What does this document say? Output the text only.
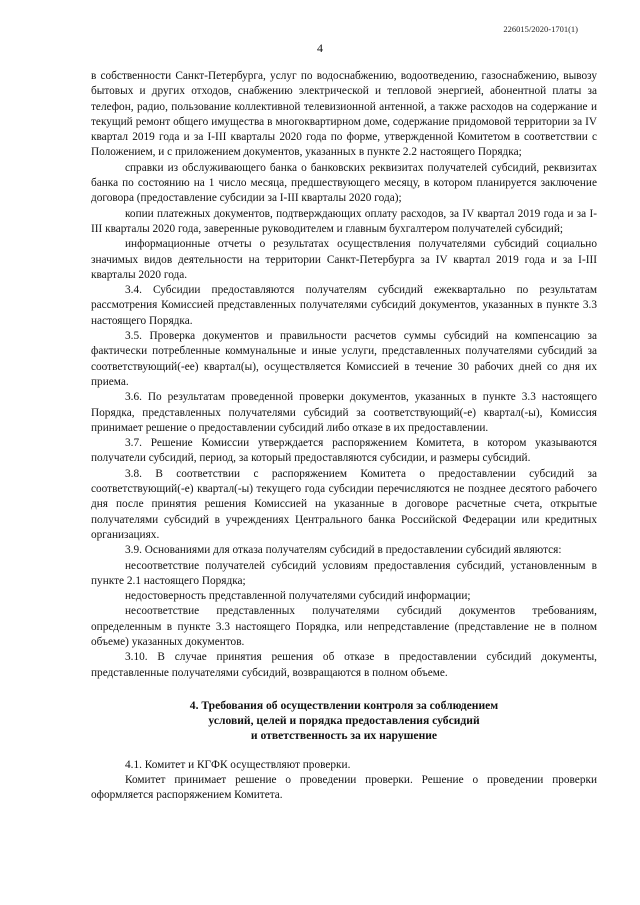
226015/2020-1701(1)
4

в собственности Санкт-Петербурга, услуг по водоснабжению, водоотведению, газоснабжению, вывозу бытовых и других отходов, снабжению электрической и тепловой энергией, абонентной платы за телефон, радио, пользование коллективной телевизионной антенной, а также расходов на содержание и текущий ремонт общего имущества в многоквартирном доме, содержание придомовой территории за IV квартал 2019 года и за I-III кварталы 2020 года по форме, утвержденной Комитетом в соответствии с Положением, и с приложением документов, указанных в пункте 2.2 настоящего Порядка;

справки из обслуживающего банка о банковских реквизитах получателей субсидий, реквизитах банка по состоянию на 1 число месяца, предшествующего месяцу, в котором планируется заключение договора (предоставление субсидии за I-III кварталы 2020 года);

копии платежных документов, подтверждающих оплату расходов, за IV квартал 2019 года и за I-III кварталы 2020 года, заверенные руководителем и главным бухгалтером получателей субсидий;

информационные отчеты о результатах осуществления получателями субсидий социально значимых видов деятельности на территории Санкт-Петербурга за IV квартал 2019 года и за I-III кварталы 2020 года.

3.4. Субсидии предоставляются получателям субсидий ежеквартально по результатам рассмотрения Комиссией представленных получателями субсидий документов, указанных в пункте 3.3 настоящего Порядка.

3.5. Проверка документов и правильности расчетов суммы субсидий на компенсацию за фактически потребленные коммунальные и иные услуги, представленных получателями субсидий за соответствующий(-ее) квартал(ы), осуществляется Комиссией в течение 30 рабочих дней со дня их приема.

3.6. По результатам проведенной проверки документов, указанных в пункте 3.3 настоящего Порядка, представленных получателями субсидий за соответствующий(-е) квартал(-ы), Комиссия принимает решение о предоставлении субсидий либо отказе в их предоставлении.

3.7. Решение Комиссии утверждается распоряжением Комитета, в котором указываются получатели субсидий, период, за который предоставляются субсидии, и размеры субсидий.

3.8. В соответствии с распоряжением Комитета о предоставлении субсидий за соответствующий(-е) квартал(-ы) текущего года субсидии перечисляются не позднее десятого рабочего дня после принятия решения Комиссией на указанные в договоре расчетные счета, открытые получателями субсидий в учреждениях Центрального банка Российской Федерации или кредитных организациях.

3.9. Основаниями для отказа получателям субсидий в предоставлении субсидий являются:

несоответствие получателей субсидий условиям предоставления субсидий, установленным в пункте 2.1 настоящего Порядка;

недостоверность представленной получателями субсидий информации;

несоответствие представленных получателями субсидий документов требованиям, определенным в пункте 3.3 настоящего Порядка, или непредставление (представление не в полном объеме) указанных документов.

3.10. В случае принятия решения об отказе в предоставлении субсидий документы, представленные получателями субсидий, возвращаются в полном объеме.

4. Требования об осуществлении контроля за соблюдением
условий, целей и порядка предоставления субсидий
и ответственность за их нарушение

4.1. Комитет и КГФК осуществляют проверки.

Комитет принимает решение о проведении проверки. Решение о проведении проверки оформляется распоряжением Комитета.
